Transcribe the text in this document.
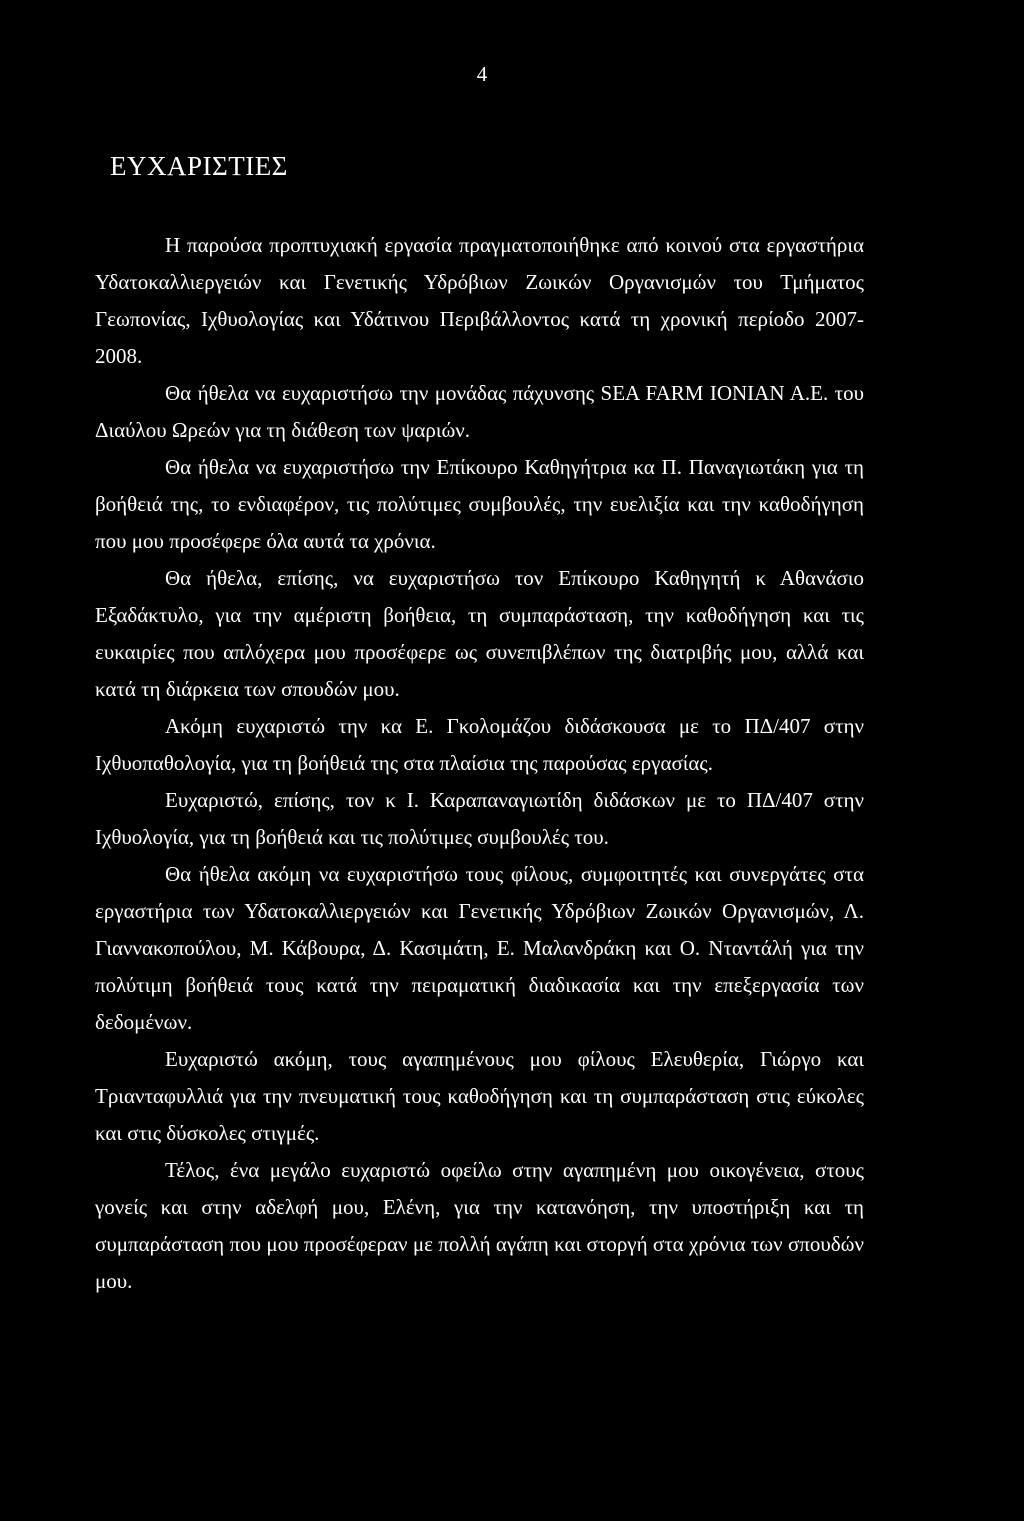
4
ΕΥΧΑΡΙΣΤΙΕΣ

Η παρούσα προπτυχιακή εργασία πραγματοποιήθηκε από κοινού στα εργαστήρια Υδατοκαλλιεργειών και Γενετικής Υδρόβιων Ζωικών Οργανισμών του Τμήματος Γεωπονίας, Ιχθυολογίας και Υδάτινου Περιβάλλοντος κατά τη χρονική περίοδο 2007-2008.

Θα ήθελα να ευχαριστήσω την μονάδας πάχυνσης SEA FARM IONIAN A.E. του Διαύλου Ωρεών για τη διάθεση των ψαριών.

Θα ήθελα να ευχαριστήσω την Επίκουρο Καθηγήτρια κα Π. Παναγιωτάκη για τη βοήθειά της, το ενδιαφέρον, τις πολύτιμες συμβουλές, την ευελιξία και την καθοδήγηση που μου προσέφερε όλα αυτά τα χρόνια.

Θα ήθελα, επίσης, να ευχαριστήσω τον Επίκουρο Καθηγητή κ Αθανάσιο Εξαδάκτυλο, για την αμέριστη βοήθεια, τη συμπαράσταση, την καθοδήγηση και τις ευκαιρίες που απλόχερα μου προσέφερε ως συνεπιβλέπων της διατριβής μου, αλλά και κατά τη διάρκεια των σπουδών μου.

Ακόμη ευχαριστώ την κα Ε. Γκολομάζου διδάσκουσα με το ΠΔ/407 στην Ιχθυοπαθολογία, για τη βοήθειά της στα πλαίσια της παρούσας εργασίας.

Ευχαριστώ, επίσης, τον κ Ι. Καραπαναγιωτίδη διδάσκων με το ΠΔ/407 στην Ιχθυολογία, για τη βοήθειά και τις πολύτιμες συμβουλές του.

Θα ήθελα ακόμη να ευχαριστήσω τους φίλους, συμφοιτητές και συνεργάτες στα εργαστήρια των Υδατοκαλλιεργειών και Γενετικής Υδρόβιων Ζωικών Οργανισμών, Λ. Γιαννακοπούλου, Μ. Κάβουρα, Δ. Κασιμάτη, Ε. Μαλανδράκη και Ο. Νταντάλή για την πολύτιμη βοήθειά τους κατά την πειραματική διαδικασία και την επεξεργασία των δεδομένων.

Ευχαριστώ ακόμη, τους αγαπημένους μου φίλους Ελευθερία, Γιώργο και Τριανταφυλλιά για την πνευματική τους καθοδήγηση και τη συμπαράσταση στις εύκολες και στις δύσκολες στιγμές.

Τέλος, ένα μεγάλο ευχαριστώ οφείλω στην αγαπημένη μου οικογένεια, στους γονείς και στην αδελφή μου, Ελένη, για την κατανόηση, την υποστήριξη και τη συμπαράσταση που μου προσέφεραν με πολλή αγάπη και στοργή στα χρόνια των σπουδών μου.
